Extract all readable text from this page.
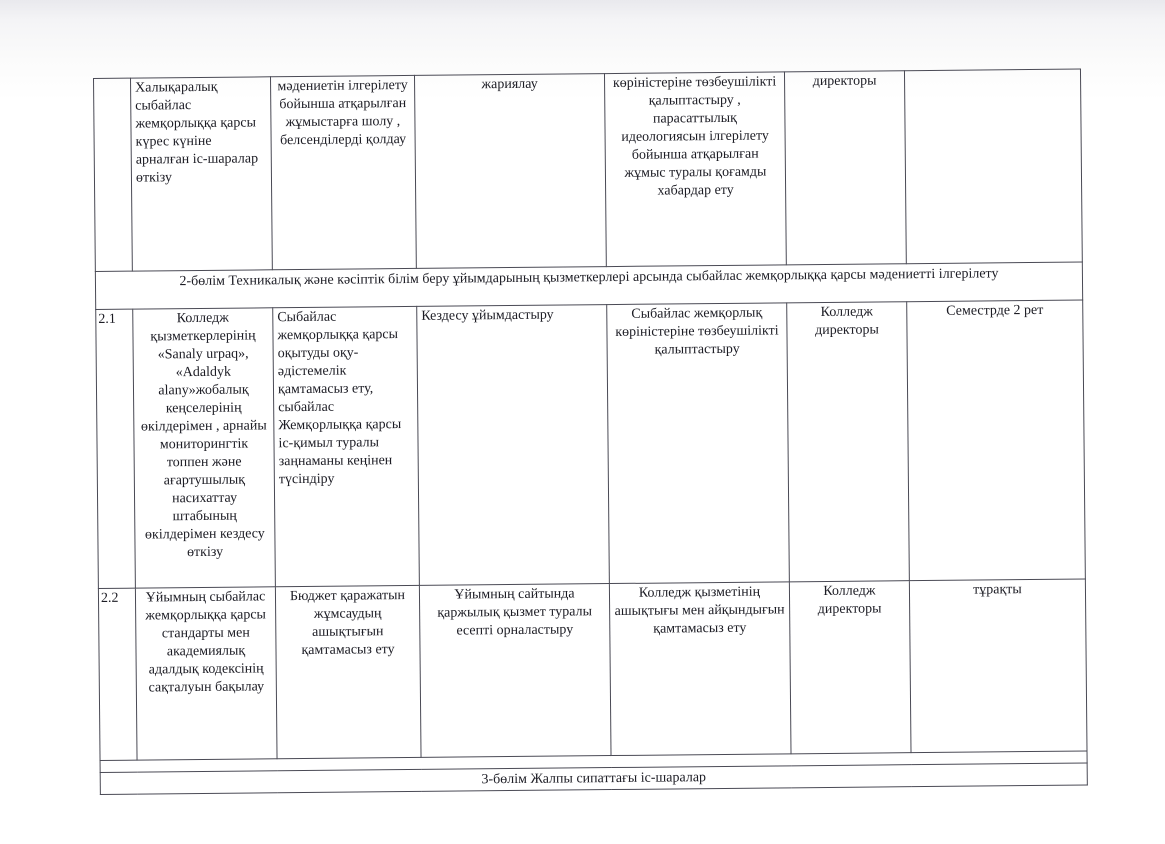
	Халықаралық сыбайлас жемқорлыққа қарсы күрес күніне арналған іс-шаралар өткізу	мәдениетін ілгерілету бойынша атқарылған жұмыстарға шолу , белсенділерді қолдау	жариялау	көріністеріне төзбеушілікті қалыптастыру , парасаттылық идеологиясын ілгерілету бойынша атқарылған жұмыс туралы қоғамды хабардар ету	директоры	
2-бөлім Техникалық және кәсіптік білім беру ұйымдарының қызметкерлері арсында сыбайлас жемқорлыққа қарсы мәдениетті ілгерілету						
2.1	Колледж қызметкерлерінің «Sanaly urpaq», «Adaldyk alany»жобалық кеңселерінің өкілдерімен , арнайы мониторингтік топпен және ағартушылық насихаттау штабының өкілдерімен кездесу өткізу	Сыбайлас жемқорлыққа қарсы оқытуды оқу-әдістемелік қамтамасыз ету, сыбайлас Жемқорлыққа қарсы іс-қимыл туралы заңнаманы кеңінен түсіндіру	Кездесу ұйымдастыру	Сыбайлас жемқорлық көріністеріне төзбеушілікті қалыптастыру	Колледж директоры	Семестрде 2 рет
2.2	Ұйымның сыбайлас жемқорлыққа қарсы стандарты мен академиялық адалдық кодексінің сақталуын бақылау	Бюджет қаражатын жұмсаудың ашықтығын қамтамасыз ету	Ұйымның сайтында қаржылық қызмет туралы есепті орналастыру	Колледж қызметінің ашықтығы мен айқындығын қамтамасыз ету	Колледж директоры	тұрақты

3-бөлім Жалпы сипаттағы іс-шаралар						
